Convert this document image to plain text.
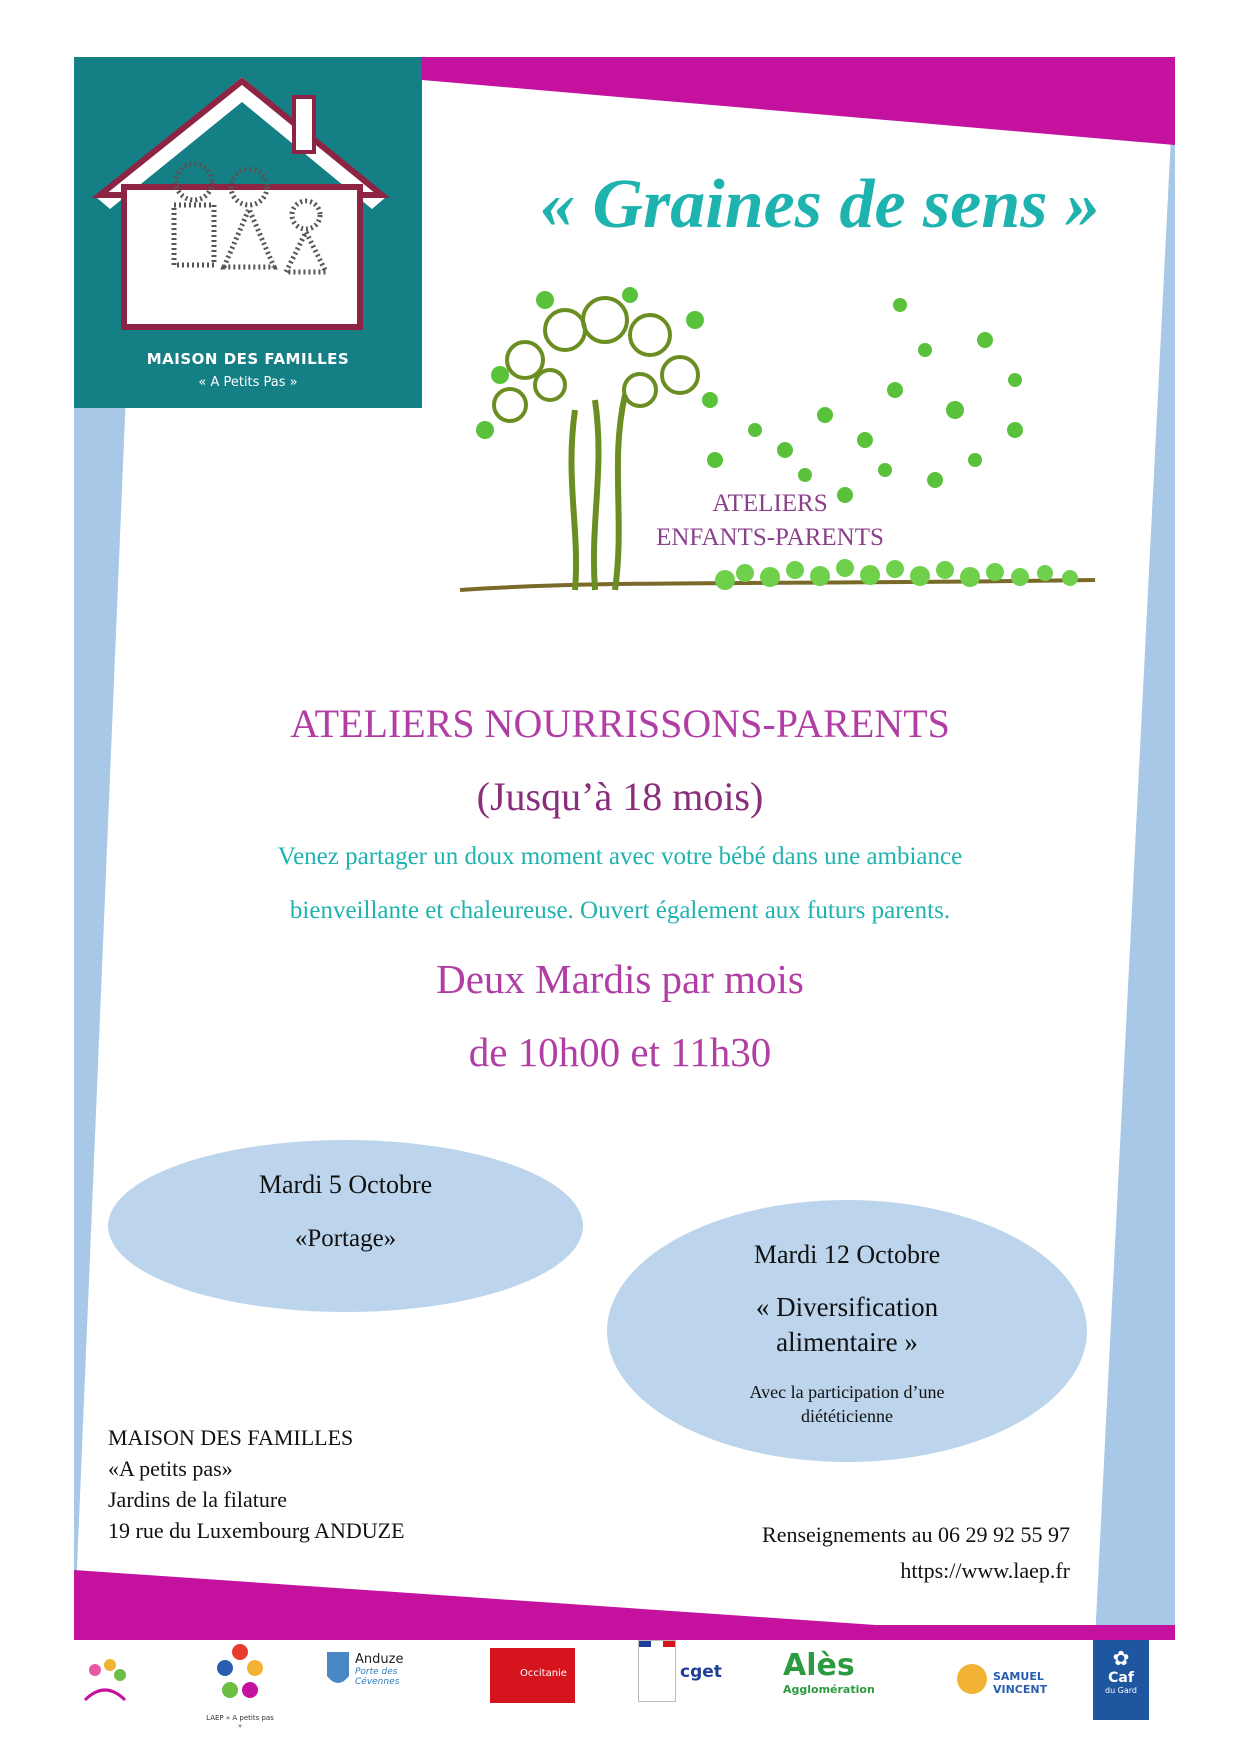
MAISON DES FAMILLES
« A Petits Pas »
« Graines de sens »
ATELIERS
ENFANTS-PARENTS
ATELIERS NOURRISSONS-PARENTS
(Jusqu’à 18 mois)
Venez partager un doux moment avec votre bébé dans une ambiance
bienveillante et chaleureuse. Ouvert également aux futurs parents.
Deux Mardis par mois
de 10h00 et 11h30
Mardi 5 Octobre
«Portage»
Mardi 12 Octobre
« Diversification
alimentaire »
Avec la participation d’une
diététicienne
MAISON DES FAMILLES
«A petits pas»
Jardins de la filature
19 rue du Luxembourg ANDUZE	Renseignements au 06 29 92 55 97
https://www.laep.fr
LAEP « A petits pas »
Anduze
Porte des Cévennes
Occitanie	cget Alès
Agglomération
SAMUEL VINCENT
✿
Caf
du Gard
